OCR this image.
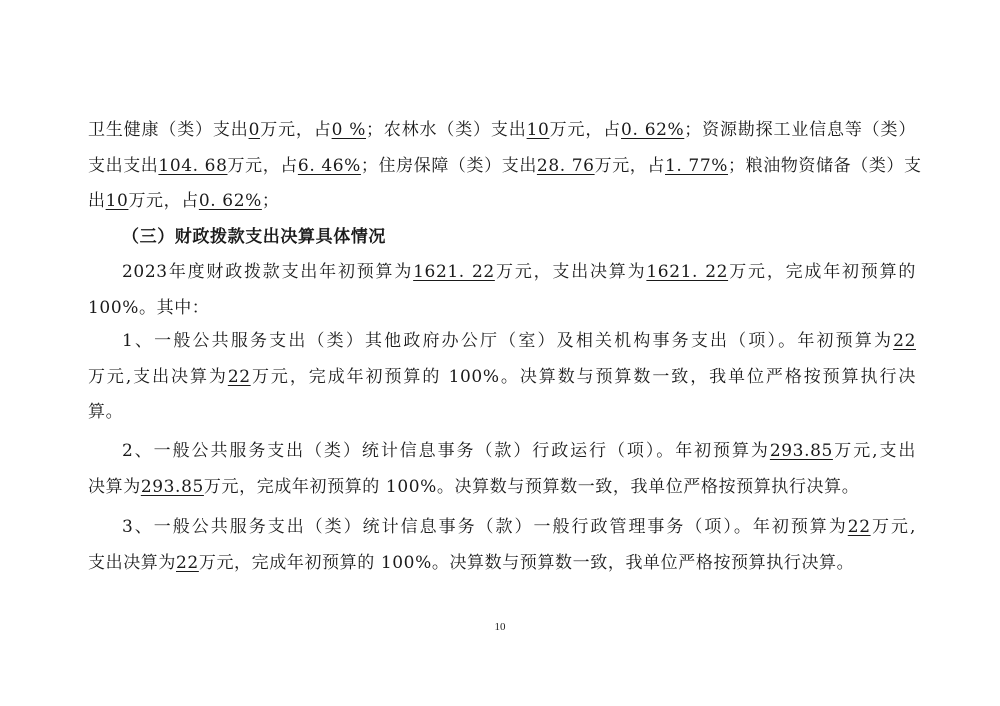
卫生健康（类）支出0万元，占0 %；农林水（类）支出10万元，占0. 62%；资源勘探工业信息等（类）
支出支出104. 68万元，占6. 46%；住房保障（类）支出28. 76万元，占1. 77%；粮油物资储备（类）支
出10万元，占0. 62%；
（三）财政拨款支出决算具体情况
2023年度财政拨款支出年初预算为1621. 22万元，支出决算为1621. 22万元，完成年初预算的
100%。其中：
1、一般公共服务支出（类）其他政府办公厅（室）及相关机构事务支出（项）。年初预算为22
万元,支出决算为22万元，完成年初预算的 100%。决算数与预算数一致，我单位严格按预算执行决
算。
2、一般公共服务支出（类）统计信息事务（款）行政运行（项）。年初预算为293.85万元,支出
决算为293.85万元，完成年初预算的 100%。决算数与预算数一致，我单位严格按预算执行决算。
3、一般公共服务支出（类）统计信息事务（款）一般行政管理事务（项）。年初预算为22万元,
支出决算为22万元，完成年初预算的 100%。决算数与预算数一致，我单位严格按预算执行决算。
10
